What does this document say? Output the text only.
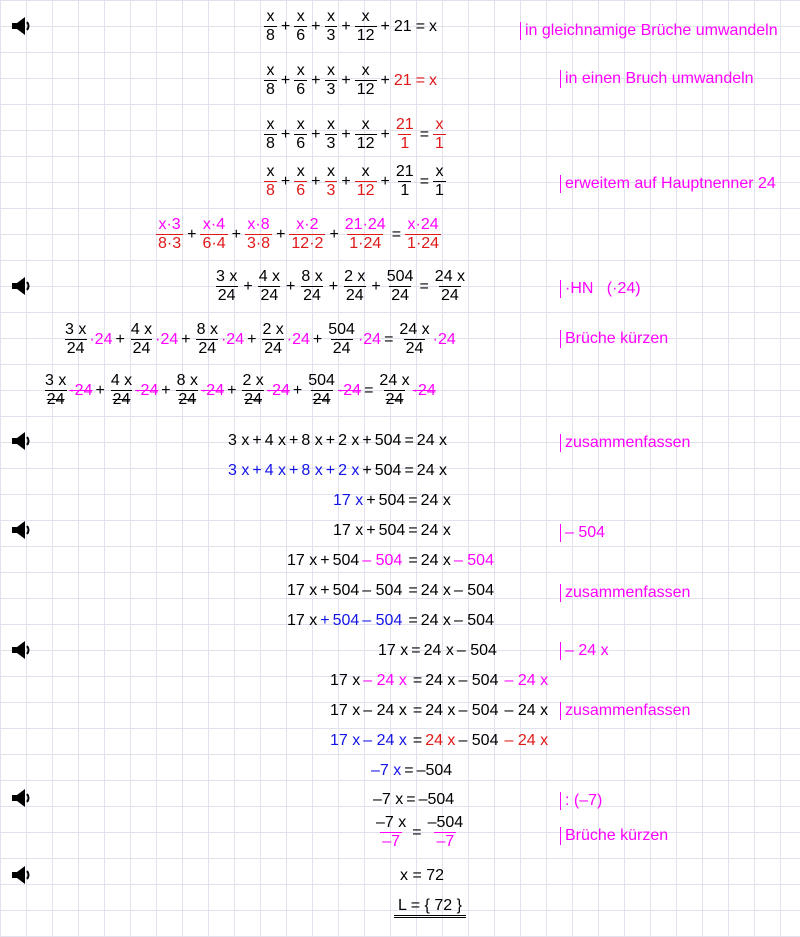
$\frac{x}{8} + \frac{x}{6} + \frac{x}{3} + \frac{x}{12} + 21 = x$	in gleichnamige Brüche umwandeln
$\frac{x}{8} + \frac{x}{6} + \frac{x}{3} + \frac{x}{12} + 21 = x$	in einen Bruch umwandeln
$\frac{x}{8} + \frac{x}{6} + \frac{x}{3} + \frac{x}{12} + \frac{21}{1} = \frac{x}{1}$
$\frac{x}{8} + \frac{x}{6} + \frac{x}{3} + \frac{x}{12} + \frac{21}{1} = \frac{x}{1}$	erweitem auf Hauptnenner 24
$\frac{x\cdot 3}{8\cdot 3} + \frac{x\cdot 4}{6\cdot 4} + \frac{x\cdot 8}{3\cdot 8} + \frac{x\cdot 2}{12\cdot 2} + \frac{21\cdot 24}{1\cdot 24} = \frac{x\cdot 24}{1\cdot 24}$
$\frac{3 x}{24} + \frac{4 x}{24} + \frac{8 x}{24} + \frac{2 x}{24} + \frac{504}{24} = \frac{24 x}{24}$	·HN (·24)
$\frac{3 x}{24} \cdot 24 + \frac{4 x}{24} \cdot 24 + \frac{8 x}{24} \cdot 24 + \frac{2 x}{24} \cdot 24 + \frac{504}{24} \cdot 24 = \frac{24 x}{24} \cdot 24$	Brüche kürzen
$\frac{3 x}{24} \cdot 24 + \frac{4 x}{24} \cdot 24 + \frac{8 x}{24} \cdot 24 + \frac{2 x}{24} \cdot 24 + \frac{504}{24} \cdot 24 = \frac{24 x}{24} \cdot 24$
3 x + 4 x + 8 x + 2 x + 504 = 24 x	zusammenfassen
3 x + 4 x + 8 x + 2 x + 504 = 24 x
17 x + 504 = 24 x
17 x + 504 = 24 x	– 504
17 x + 504 – 504 = 24 x – 504
17 x + 504 – 504 = 24 x – 504	zusammenfassen
17 x + 504 – 504 = 24 x – 504
17 x = 24 x – 504	– 24 x
17 x – 24 x = 24 x – 504 – 24 x
17 x – 24 x = 24 x – 504 – 24 x	zusammenfassen
17 x – 24 x = 24 x – 504 – 24 x
–7 x = –504
–7 x = –504	: (–7)
$\frac{-7 x}{-7} = \frac{-504}{-7}$	Brüche kürzen
x = 72
L = { 72 }
